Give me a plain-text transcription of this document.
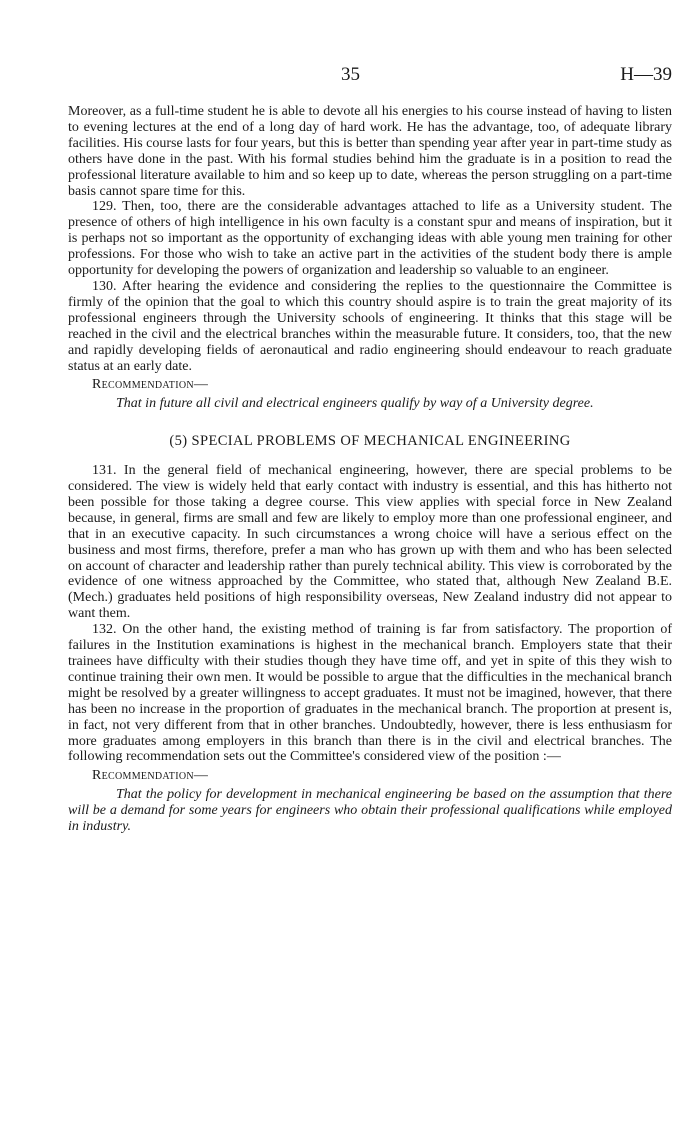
35	H—39

Moreover, as a full-time student he is able to devote all his energies to his course instead of having to listen to evening lectures at the end of a long day of hard work. He has the advantage, too, of adequate library facilities. His course lasts for four years, but this is better than spending year after year in part-time study as others have done in the past. With his formal studies behind him the graduate is in a position to read the professional literature available to him and so keep up to date, whereas the person struggling on a part-time basis cannot spare time for this.

129. Then, too, there are the considerable advantages attached to life as a University student. The presence of others of high intelligence in his own faculty is a constant spur and means of inspiration, but it is perhaps not so important as the opportunity of exchanging ideas with able young men training for other professions. For those who wish to take an active part in the activities of the student body there is ample opportunity for developing the powers of organization and leadership so valuable to an engineer.

130. After hearing the evidence and considering the replies to the questionnaire the Committee is firmly of the opinion that the goal to which this country should aspire is to train the great majority of its professional engineers through the University schools of engineering. It thinks that this stage will be reached in the civil and the electrical branches within the measurable future. It considers, too, that the new and rapidly developing fields of aeronautical and radio engineering should endeavour to reach graduate status at an early date.

Recommendation—

That in future all civil and electrical engineers qualify by way of a University degree.

(5) SPECIAL PROBLEMS OF MECHANICAL ENGINEERING

131. In the general field of mechanical engineering, however, there are special problems to be considered. The view is widely held that early contact with industry is essential, and this has hitherto not been possible for those taking a degree course. This view applies with special force in New Zealand because, in general, firms are small and few are likely to employ more than one professional engineer, and that in an executive capacity. In such circumstances a wrong choice will have a serious effect on the business and most firms, therefore, prefer a man who has grown up with them and who has been selected on account of character and leadership rather than purely technical ability. This view is corroborated by the evidence of one witness approached by the Committee, who stated that, although New Zealand B.E. (Mech.) graduates held positions of high responsibility overseas, New Zealand industry did not appear to want them.

132. On the other hand, the existing method of training is far from satisfactory. The proportion of failures in the Institution examinations is highest in the mechanical branch. Employers state that their trainees have difficulty with their studies though they have time off, and yet in spite of this they wish to continue training their own men. It would be possible to argue that the difficulties in the mechanical branch might be resolved by a greater willingness to accept graduates. It must not be imagined, however, that there has been no increase in the proportion of graduates in the mechanical branch. The proportion at present is, in fact, not very different from that in other branches. Undoubtedly, however, there is less enthusiasm for more graduates among employers in this branch than there is in the civil and electrical branches. The following recommendation sets out the Committee's considered view of the position :—

Recommendation—

That the policy for development in mechanical engineering be based on the assumption that there will be a demand for some years for engineers who obtain their professional qualifications while employed in industry.
